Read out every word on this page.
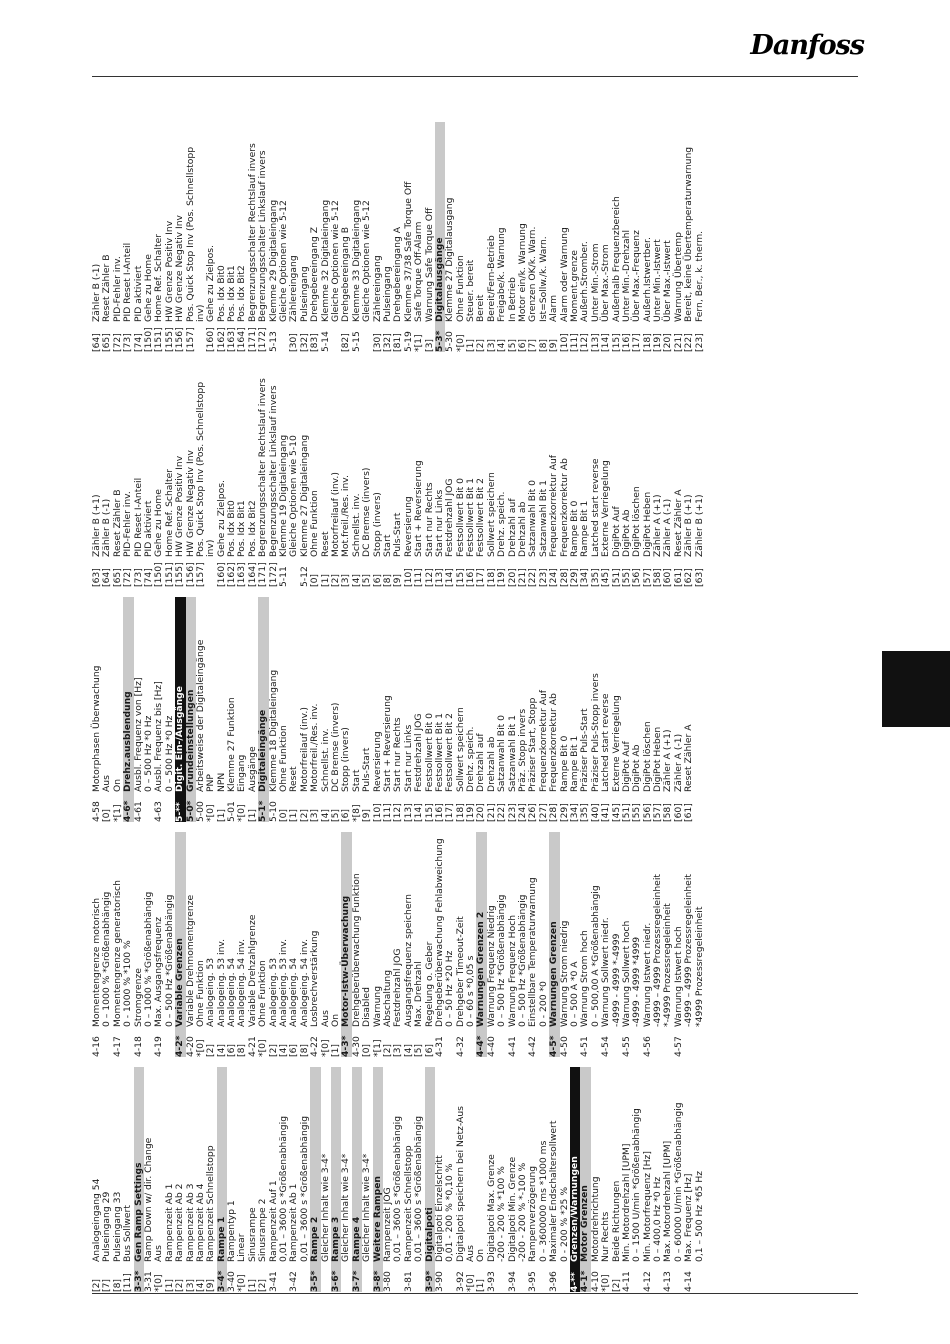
Danfoss
[2]
Analogeingang 54
[7]
Pulseingang 29
[8]
Pulseingang 33
[11]
Bus Sollwert
3-3*
Gen Ramp Settings
3-31
Ramp Down w/ dir. Change
*[0]
Aus
[1]
Rampenzeit Ab 1
[2]
Rampenzeit Ab 2
[3]
Rampenzeit Ab 3
[4]
Rampenzeit Ab 4
[9]
Rampenzeit Schnellstopp
3-4*
Rampe 1
3-40
Rampentyp 1
*[0]
Linear
[1]
Sinusrampe
[2]
Sinusrampe 2
3-41
Rampenzeit Auf 1 0,01 – 3600 s *Größenabhängig
3-42
Rampenzeit Ab 1 0,01 – 3600 s *Größenabhängig
3-5*
Rampe 2 Gleicher Inhalt wie 3-4*
3-6*
Rampe 3 Gleicher Inhalt wie 3-4*
3-7*
Rampe 4 Gleicher Inhalt wie 3-4*
3-8*
Weitere Rampen
3-80
Rampenzeit JOG 0,01 – 3600 s *Größenabhängig
3-81
Rampenzeit Schnellstopp 0,01 – 3600 s *Größenabhängig
3-9*
Digitalpoti
3-90
Digitalpoti Einzelschritt 0,01 - 200 % *0,10 %
3-92
Digitalpoti speichern bei Netz-Aus
*[0]
Aus
[1]
On
3-93
Digitalpoti Max. Grenze -200 - 200 % *100 %
3-94
Digitalpoti Min. Grenze -200 - 200 % *-100 %
3-95
Rampenverzögerung 0 – 3600000 ms *1000 ms
3-96
Maximaler Endschaltersollwert 0 - 200 % *25 %
4-**
Grenzen/Warnungen
4-1*
Motor Grenzen
4-10
Motordrehrichtung
*[0]
Nur Rechts
[2]
Beide Richtungen
4-11
Min. Motordrehzahl [UPM] 0 – 1500 U/min *Größenabhängig
4-12
Min. Motorfrequenz [Hz] 0 – 400,0 Hz *0 Hz
4-13
Max. Motordrehzahl [UPM] 0 – 60000 U/min *Größenabhängig
4-14
Max. Frequenz [Hz] 0,1 – 500 Hz *65 Hz
4-16
Momentengrenze motorisch 0 – 1000 % *Größenabhängig
4-17
Momentengrenze generatorisch 0 - 1000 % *100 %
4-18
Stromgrenze 0 – 1000 % *Größenabhängig
4-19
Max. Ausgangsfrequenz 0 – 500 Hz *Größenabhängig
4-2*
Variable Grenzen
4-20
Variable Drehmomentgrenze
*[0]
Ohne Funktion
[2]
Analogeing. 53
[4]
Analogeing. 53 inv.
[6]
Analogeing. 54
[8]
Analogeing. 54 inv.
4-21
Variable Drehzahlgrenze
*[0]
Ohne Funktion
[2]
Analogeing. 53
[4]
Analogeing. 53 inv.
[6]
Analogeing. 54
[8]
Analogeing. 54 inv.
4-22
Losbrechverstärkung
*[0]
Aus
[1]
On
4-3*
Motor-Istw-Überwachung
4-30
Drehgeberüberwachung Funktion
[0]
Disabled
*[1]
Warnung
[2]
Abschaltung
[3]
Festdrehzahl JOG
[4]
Ausgangsfrequenz speichern
[5]
Max. Drehzahl
[6]
Regelung o. Geber
4-31
Drehgeberüberwachung Fehlabweichung 0 – 50 Hz *20 Hz
4-32
Drehgeber Timeout-Zeit 0 – 60 s *0,05 s
4-4*
Warnungen Grenzen 2
4-40
Warnung Frequenz Niedrig 0 – 500 Hz *Größenabhängig
4-41
Warnung Frequenz Hoch 0 – 500 Hz *Größenabhängig
4-42
Einstellbare Temperaturwarnung 0 - 200 *0
4-5*
Warnungen Grenzen
4-50
Warnung Strom niedrig 0 – 500 A *0 A
4-51
Warnung Strom hoch 0 – 500,00 A *Größenabhängig
4-54
Warnung Sollwert niedr. -4999 - 4999 *-4999
4-55
Warnung Sollwert hoch -4999 - 4999 *4999
4-56
Warnung Istwert niedr. -4999 – 4999 Prozessregeleinheit *-4999 Prozessregeleinheit
4-57
Warnung Istwert hoch -4999 – 4999 Prozessregeleinheit *4999 Prozessregeleinheit
4-58
Motorphasen Überwachung
[0]
Aus
*[1]
On
4-6*
Drehz.ausblendung
4-61
Ausbl. Frequenz von [Hz] 0 – 500 Hz *0 Hz
4-63
Ausbl. Frequenz bis [Hz] 0 – 500 Hz *0 Hz
5-**
Digit. Ein-/Ausgänge
5-0*
Grundeinstellungen
5-00
Arbeitsweise der Digitaleingänge
*[0]
PNP
[1]
NPN
5-01
Klemme 27 Funktion
*[0]
Eingang
[1]
Ausgänge
5-1*
Digitaleingänge
5-10
Klemme 18 Digitaleingang
[0]
Ohne Funktion
[1]
Reset
[2]
Motorfreilauf (inv.)
[3]
Motorfreil./Res. inv.
[4]
Schnellst. inv.
[5]
DC Bremse (invers)
[6]
Stopp (invers)
*[8]
Start
[9]
Puls-Start
[10]
Reversierung
[11]
Start + Reversierung
[12]
Start nur Rechts
[13]
Start nur Links
[14]
Festdrehzahl JOG
[15]
Festsollwert Bit 0
[16]
Festsollwert Bit 1
[17]
Festsollwert Bit 2
[18]
Sollwert speichern
[19]
Drehz. speich.
[20]
Drehzahl auf
[21]
Drehzahl ab
[22]
Satzanwahl Bit 0
[23]
Satzanwahl Bit 1
[24]
Präz. Stopp invers
[26]
Präziser Start, Stopp
[27]
Frequenzkorrektur Auf
[28]
Frequenzkorrektur Ab
[29]
Rampe Bit 0
[34]
Rampe Bit 1
[35]
Präziser Puls-Start
[40]
Präziser Puls-Stopp invers
[41]
Latched start reverse
[45]
Externe Verriegelung
[51]
DigiPot Auf
[55]
DigiPot Ab
[56]
DigiPot löschen
[57]
DigiPot Heben
[58]
Zähler A (+1)
[60]
Zähler A (-1)
[61]
Reset Zähler A
[63]
Zähler B (+1)
[64]
Zähler B (-1)
[65]
Reset Zähler B
[72]
PID-Fehler inv.
[73]
PID Reset I-Anteil
[74]
PID aktiviert
[150]
Gehe zu Home
[151]
Home Ref. Schalter
[155]
HW Grenze Positiv Inv
[156]
HW Grenze Negativ Inv
[157]
Pos. Quick Stop Inv (Pos. Schnellstopp inv)
[160]
Gehe zu Zielpos.
[162]
Pos. Idx Bit0
[163]
Pos. Idx Bit1
[164]
Pos. Idx Bit2
[171]
Begrenzungsschalter Rechtslauf invers
[172]
Begrenzungsschalter Linkslauf invers
5-11
Klemme 19 Digitaleingang Gleiche Optionen wie 5-10
5-12
Klemme 27 Digitaleingang
[0]
Ohne Funktion
[1]
Reset
[2]
Motorfreilauf (inv.)
[3]
Mot.freil./Res. inv.
[4]
Schnellst. inv.
[5]
DC Bremse (invers)
[6]
Stopp (invers)
[8]
Start
[9]
Puls-Start
[10]
Reversierung
[11]
Start + Reversierung
[12]
Start nur Rechts
[13]
Start nur Links
[14]
Festdrehzahl JOG
[15]
Festsollwert Bit 0
[16]
Festsollwert Bit 1
[17]
Festsollwert Bit 2
[18]
Sollwert speichern
[19]
Drehz. speich.
[20]
Drehzahl auf
[21]
Drehzahl ab
[22]
Satzanwahl Bit 0
[23]
Satzanwahl Bit 1
[24]
Frequenzkorrektur Auf
[28]
Frequenzkorrektur Ab
[29]
Rampe Bit 0
[34]
Rampe Bit 1
[35]
Latched start reverse
[45]
Externe Verriegelung
[51]
DigiPot Auf
[55]
DigiPot Ab
[56]
DigiPot löschen
[57]
DigiPot Heben
[58]
Zähler A (+1)
[60]
Zähler A (-1)
[61]
Reset Zähler A
[62]
Zähler B (+1)
[63]
Zähler B (+1)
[64]
Zähler B (-1)
[65]
Reset Zähler B
[72]
PID-Fehler inv.
[73]
PID Reset I-Anteil
[74]
PID aktiviert
[150]
Gehe zu Home
[151]
Home Ref. Schalter
[155]
HW Grenze Positiv Inv
[156]
HW Grenze Negativ Inv
[157]
Pos. Quick Stop Inv (Pos. Schnellstopp inv)
[160]
Gehe zu Zielpos.
[162]
Pos. Idx Bit0
[163]
Pos. Idx Bit1
[164]
Pos. Idx Bit2
[171]
Begrenzungsschalter Rechtslauf invers
[172]
Begrenzungsschalter Linkslauf invers
5-13
Klemme 29 Digitaleingang Gleiche Optionen wie 5-12
[30]
Zählereingang
[32]
Pulseingang
[83]
Drehgebereingang Z
5-14
Klemme 32 Digitaleingang Gleiche Optionen wie 5-12
[82]
Drehgebereingang B
5-15
Klemme 33 Digitaleingang Gleiche Optionen wie 5-12
[30]
Zählereingang
[32]
Pulseingang
[81]
Drehgebereingang A
5-19
Klemme 37/38 Safe Torque Off
*[1]
Safe Torque Off-Alarm
[3]
Warnung Safe Torque Off
5-3*
Digitalausgänge
5-30
Klemme 27 Digitalausgang
*[0]
Ohne Funktion
[1]
Steuer. bereit
[2]
Bereit
[3]
Bereit/Fern-Betrieb
[4]
Freigabe/k. Warnung
[5]
In Betrieb
[6]
Motor ein/k. Warnung
[7]
Grenzen OK/k. Warn.
[8]
Ist=Sollw./k. Warn.
[9]
Alarm
[10]
Alarm oder Warnung
[11]
Moment.grenze
[12]
Außerh.Stromber.
[13]
Unter Min.-Strom
[14]
Über Max.-Strom
[15]
Außerhalb Frequenzbereich
[16]
Unter Min.-Drehzahl
[17]
Über Max.-Frequenz
[18]
Außerh.Istwertber.
[19]
Unter Min.-Istwert
[20]
Über Max.-Istwert
[21]
Warnung Übertemp
[22]
Bereit, keine Übertemperaturwarnung
[23]
Fern, Ber., k. therm.
